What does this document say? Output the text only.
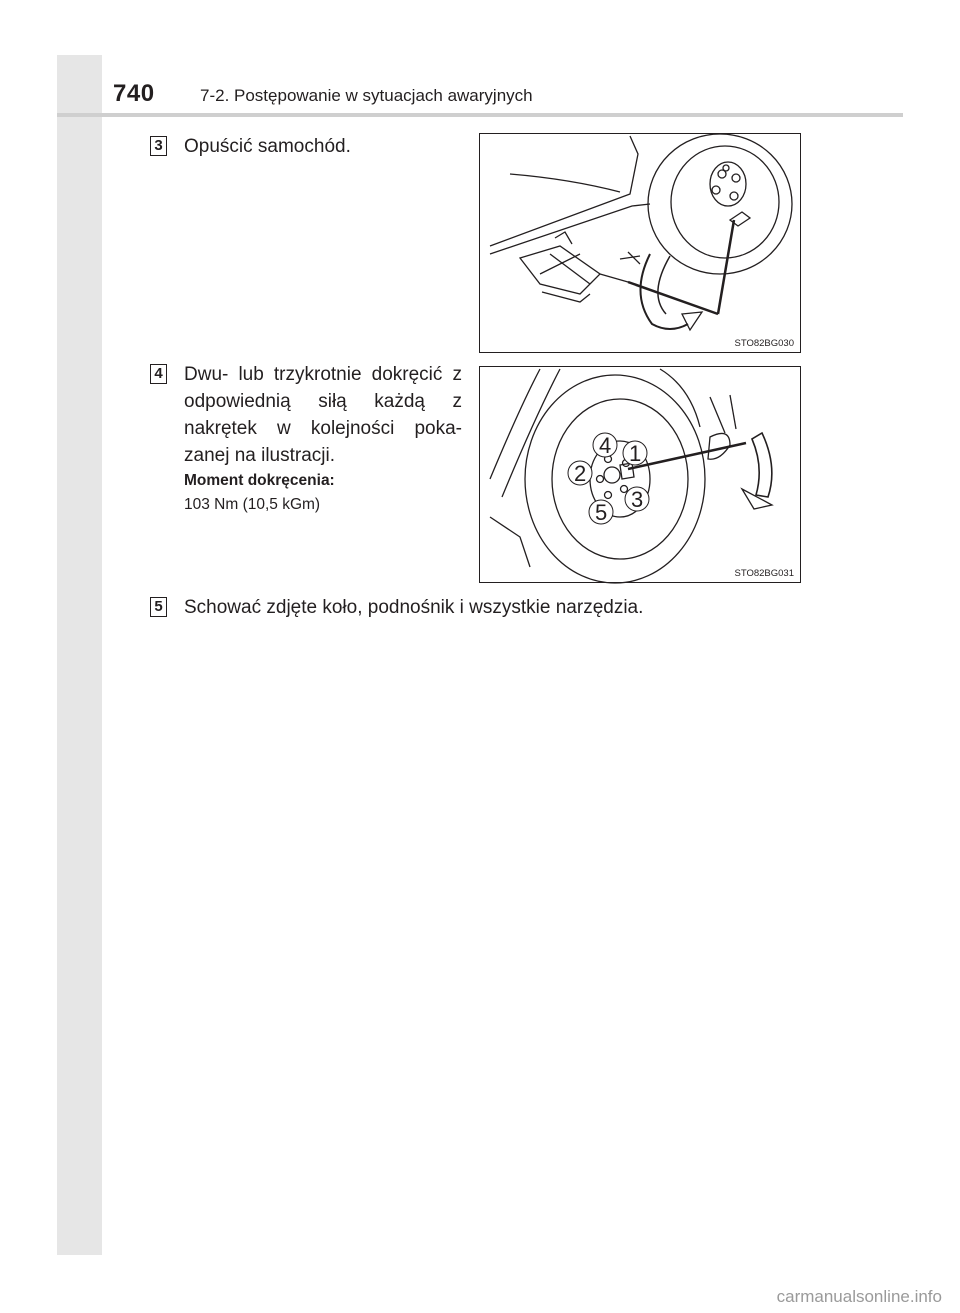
740	7-2. Postępowanie w sytuacjach awaryjnych
3 Opuścić samochód.
STO82BG030
4 Dwu- lub trzykrotnie dokręcić z odpowiednią siłą każdą z nakrętek w kolejności poka-zanej na ilustracji.
Moment dokręcenia:
103 Nm (10,5 kGm)
4 1
2
3
5
STO82BG031
5 Schować zdjęte koło, podnośnik i wszystkie narzędzia.
carmanualsonline.info
